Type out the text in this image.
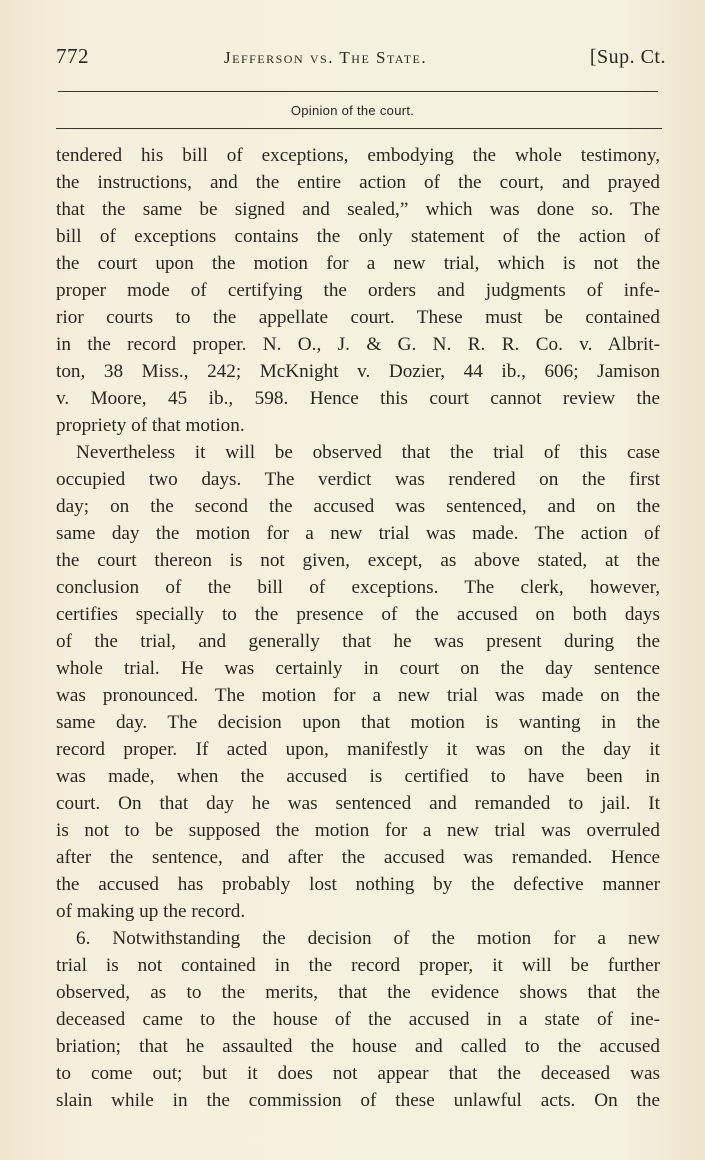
772	Jefferson vs. The State.	[Sup. Ct.
Opinion of the court.
tendered his bill of exceptions, embodying the whole testimony,
the instructions, and the entire action of the court, and prayed
that the same be signed and sealed,” which was done so. The
bill of exceptions contains the only statement of the action of
the court upon the motion for a new trial, which is not the
proper mode of certifying the orders and judgments of infe-
rior courts to the appellate court. These must be contained
in the record proper. N. O., J. & G. N. R. R. Co. v. Albrit-
ton, 38 Miss., 242; McKnight v. Dozier, 44 ib., 606; Jamison
v. Moore, 45 ib., 598. Hence this court cannot review the
propriety of that motion.
Nevertheless it will be observed that the trial of this case
occupied two days. The verdict was rendered on the first
day; on the second the accused was sentenced, and on the
same day the motion for a new trial was made. The action of
the court thereon is not given, except, as above stated, at the
conclusion of the bill of exceptions. The clerk, however,
certifies specially to the presence of the accused on both days
of the trial, and generally that he was present during the
whole trial. He was certainly in court on the day sentence
was pronounced. The motion for a new trial was made on the
same day. The decision upon that motion is wanting in the
record proper. If acted upon, manifestly it was on the day it
was made, when the accused is certified to have been in
court. On that day he was sentenced and remanded to jail. It
is not to be supposed the motion for a new trial was overruled
after the sentence, and after the accused was remanded. Hence
the accused has probably lost nothing by the defective manner
of making up the record.
6. Notwithstanding the decision of the motion for a new
trial is not contained in the record proper, it will be further
observed, as to the merits, that the evidence shows that the
deceased came to the house of the accused in a state of ine-
briation; that he assaulted the house and called to the accused
to come out; but it does not appear that the deceased was
slain while in the commission of these unlawful acts. On the
